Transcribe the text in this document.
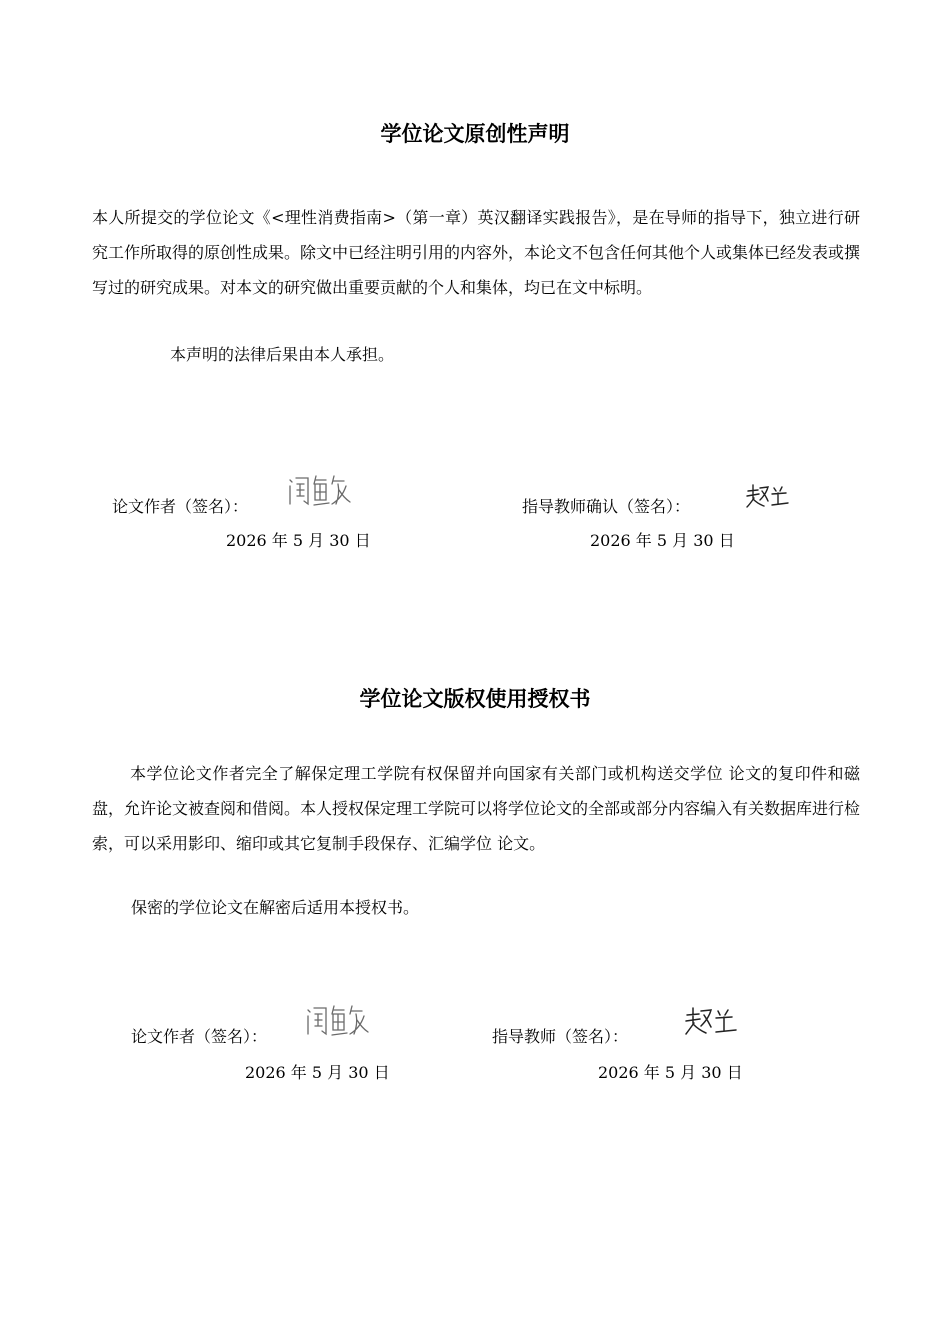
学位论文原创性声明
本人所提交的学位论文《<理性消费指南>（第一章）英汉翻译实践报告》，是在导师的指导下，独立进行研究工作所取得的原创性成果。除文中已经注明引用的内容外，本论文不包含任何其他个人或集体已经发表或撰写过的研究成果。对本文的研究做出重要贡献的个人和集体，均已在文中标明。
本声明的法律后果由本人承担。
论文作者（签名）：
2026 年 5 月 30 日
指导教师确认（签名）：
2026 年 5 月 30 日
学位论文版权使用授权书
本学位论文作者完全了解保定理工学院有权保留并向国家有关部门或机构送交学位 论文的复印件和磁盘，允许论文被查阅和借阅。本人授权保定理工学院可以将学位论文的全部或部分内容编入有关数据库进行检索，可以采用影印、缩印或其它复制手段保存、汇编学位 论文。
保密的学位论文在解密后适用本授权书。
论文作者（签名）：
2026 年 5 月 30 日
指导教师（签名）：
2026 年 5 月 30 日
